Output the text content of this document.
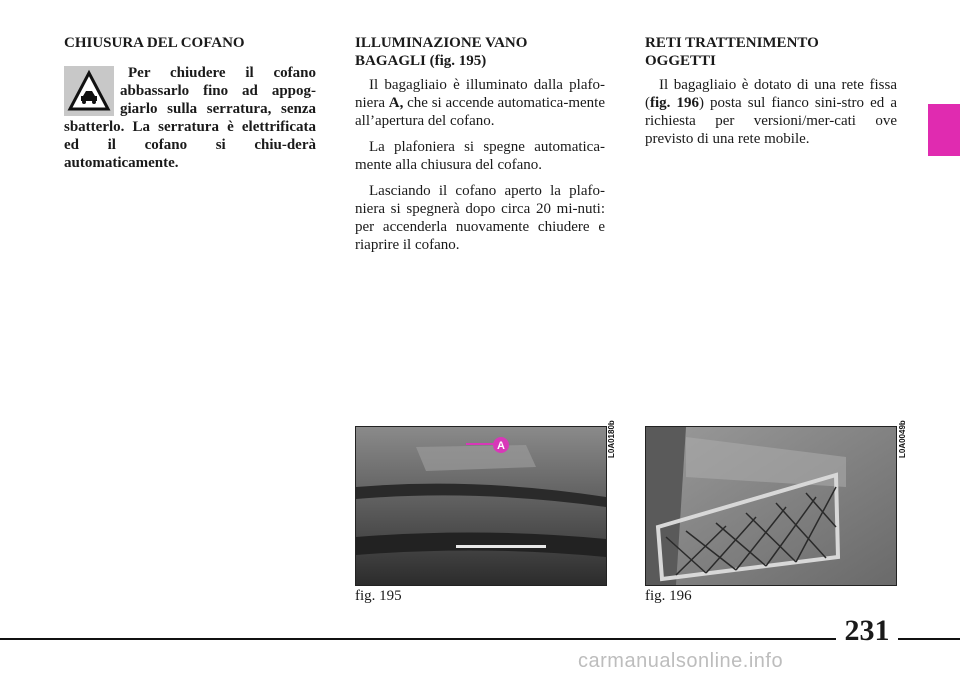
CHIUSURA DEL COFANO

Per chiudere il cofano abbassarlo fino ad appog-giarlo sulla serratura, senza sbatterlo. La serratura è elettrificata ed il cofano si chiu-derà automaticamente.

ILLUMINAZIONE VANO
BAGAGLI (fig. 195)

Il bagagliaio è illuminato dalla plafo-niera A, che si accende automatica-mente all’apertura del cofano.

La plafoniera si spegne automatica-mente alla chiusura del cofano.

Lasciando il cofano aperto la plafo-niera si spegnerà dopo circa 20 mi-nuti: per accenderla nuovamente chiudere e riaprire il cofano.

RETI TRATTENIMENTO
OGGETTI

Il bagagliaio è dotato di una rete fissa (fig. 196) posta sul fianco sini-stro ed a richiesta per versioni/mer-cati ove previsto di una rete mobile.

A	L0A0180b
fig. 195
L0A0049b
fig. 196
231
carmanualsonline.info
